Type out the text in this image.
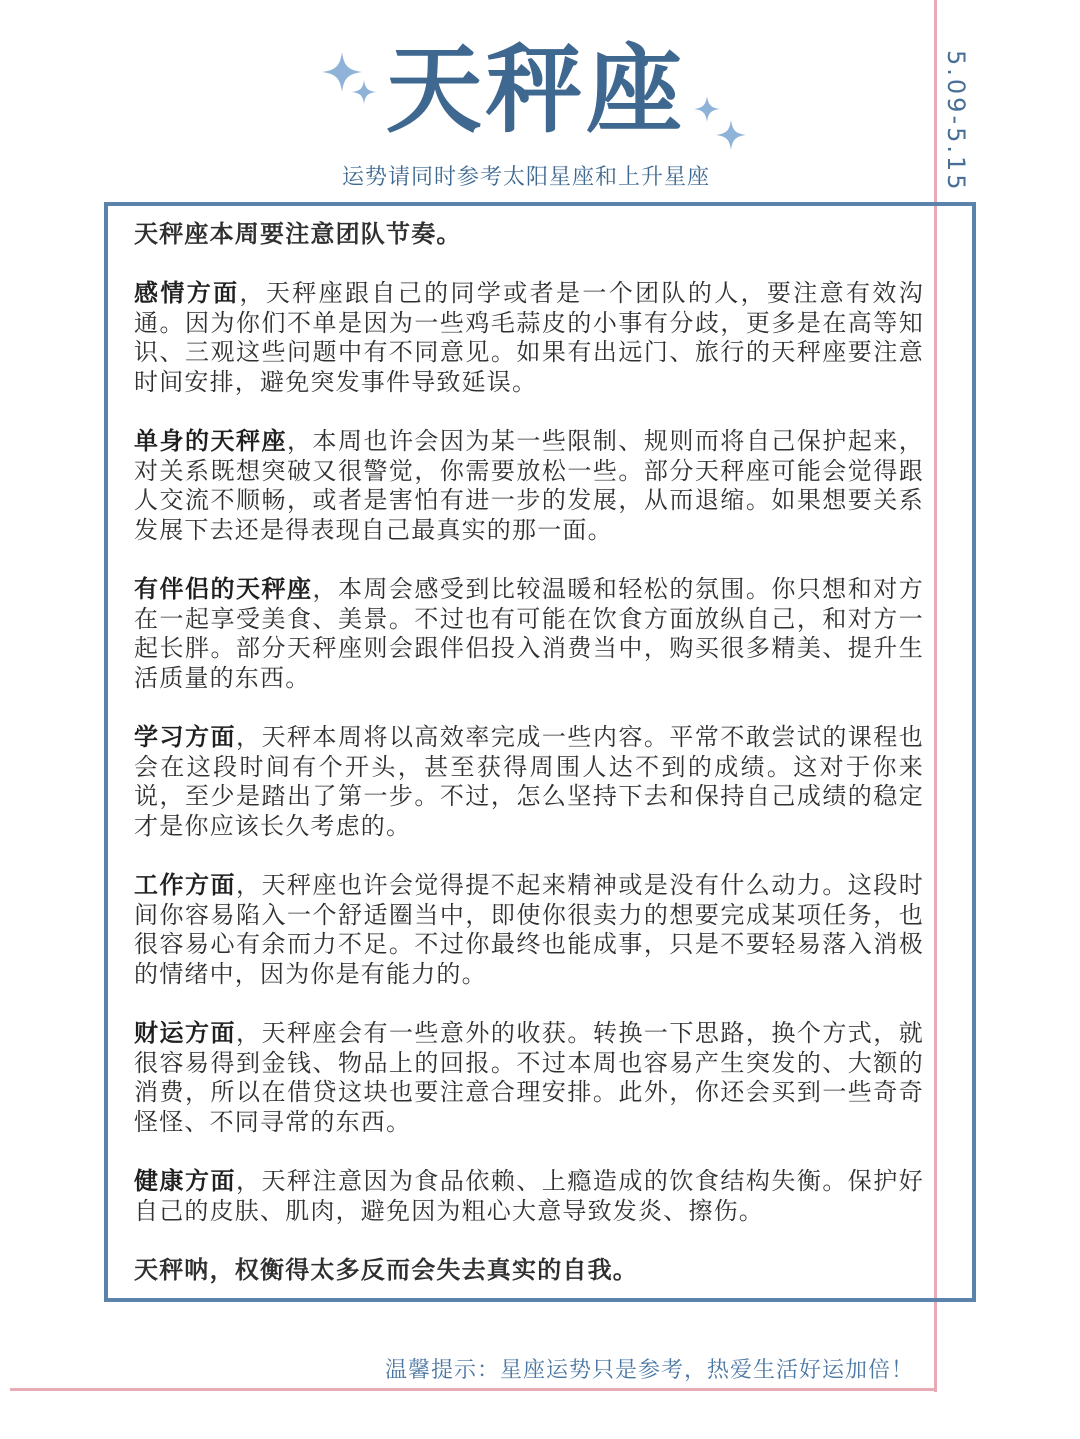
5.09-5.15
天秤座
运势请同时参考太阳星座和上升星座

天秤座本周要注意团队节奏。

感情方面，天秤座跟自己的同学或者是一个团队的人，要注意有效沟通。因为你们不单是因为一些鸡毛蒜皮的小事有分歧，更多是在高等知识、三观这些问题中有不同意见。如果有出远门、旅行的天秤座要注意时间安排，避免突发事件导致延误。

单身的天秤座，本周也许会因为某一些限制、规则而将自己保护起来，对关系既想突破又很警觉，你需要放松一些。部分天秤座可能会觉得跟人交流不顺畅，或者是害怕有进一步的发展，从而退缩。如果想要关系发展下去还是得表现自己最真实的那一面。

有伴侣的天秤座，本周会感受到比较温暖和轻松的氛围。你只想和对方在一起享受美食、美景。不过也有可能在饮食方面放纵自己，和对方一起长胖。部分天秤座则会跟伴侣投入消费当中，购买很多精美、提升生活质量的东西。

学习方面，天秤本周将以高效率完成一些内容。平常不敢尝试的课程也会在这段时间有个开头，甚至获得周围人达不到的成绩。这对于你来说，至少是踏出了第一步。不过，怎么坚持下去和保持自己成绩的稳定才是你应该长久考虑的。

工作方面，天秤座也许会觉得提不起来精神或是没有什么动力。这段时间你容易陷入一个舒适圈当中，即使你很卖力的想要完成某项任务，也很容易心有余而力不足。不过你最终也能成事，只是不要轻易落入消极的情绪中，因为你是有能力的。

财运方面，天秤座会有一些意外的收获。转换一下思路，换个方式，就很容易得到金钱、物品上的回报。不过本周也容易产生突发的、大额的消费，所以在借贷这块也要注意合理安排。此外，你还会买到一些奇奇怪怪、不同寻常的东西。

健康方面，天秤注意因为食品依赖、上瘾造成的饮食结构失衡。保护好自己的皮肤、肌肉，避免因为粗心大意导致发炎、擦伤。

天秤呐，权衡得太多反而会失去真实的自我。

温馨提示：星座运势只是参考，热爱生活好运加倍！
